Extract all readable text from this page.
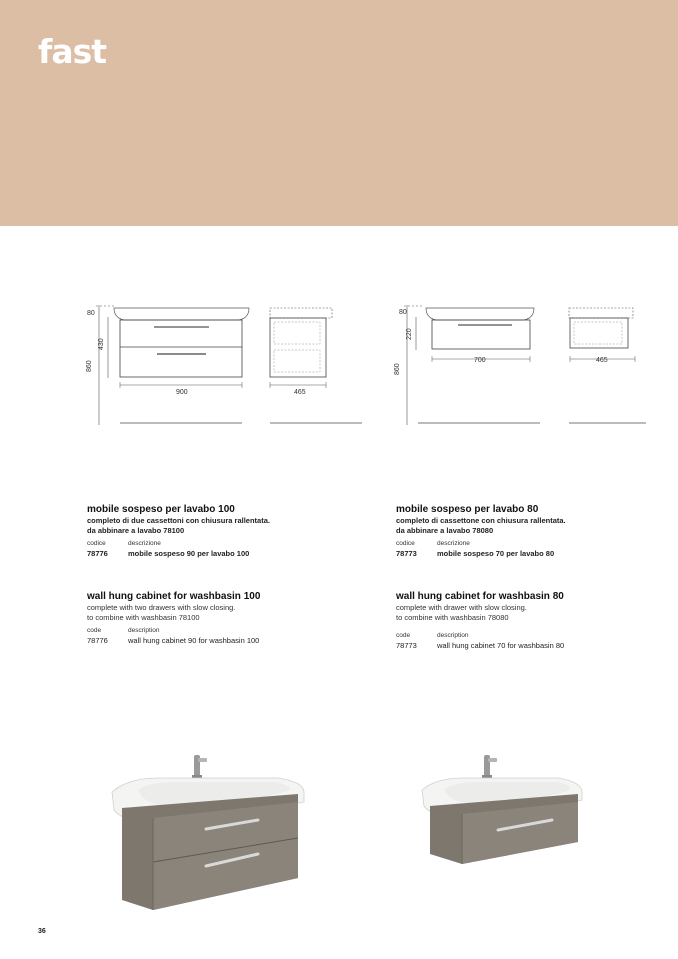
fast
80
430
860
900	465
80
220
860
700	465
mobile sospeso per lavabo 100
completo di due cassettoni con chiusura rallentata.
da abbinare a lavabo 78100
codice	descrizione
78776	mobile sospeso 90 per lavabo 100
wall hung cabinet for washbasin 100
complete with two drawers with slow closing.
to combine with washbasin 78100
code	description
78776	wall hung cabinet 90 for washbasin 100
mobile sospeso per lavabo 80
completo di cassettone con chiusura rallentata.
da abbinare a lavabo 78080
codice	descrizione
78773	mobile sospeso 70 per lavabo 80
wall hung cabinet for washbasin 80
complete with drawer with slow closing.
to combine with washbasin 78080
code	description
78773	wall hung cabinet 70 for washbasin 80
36
